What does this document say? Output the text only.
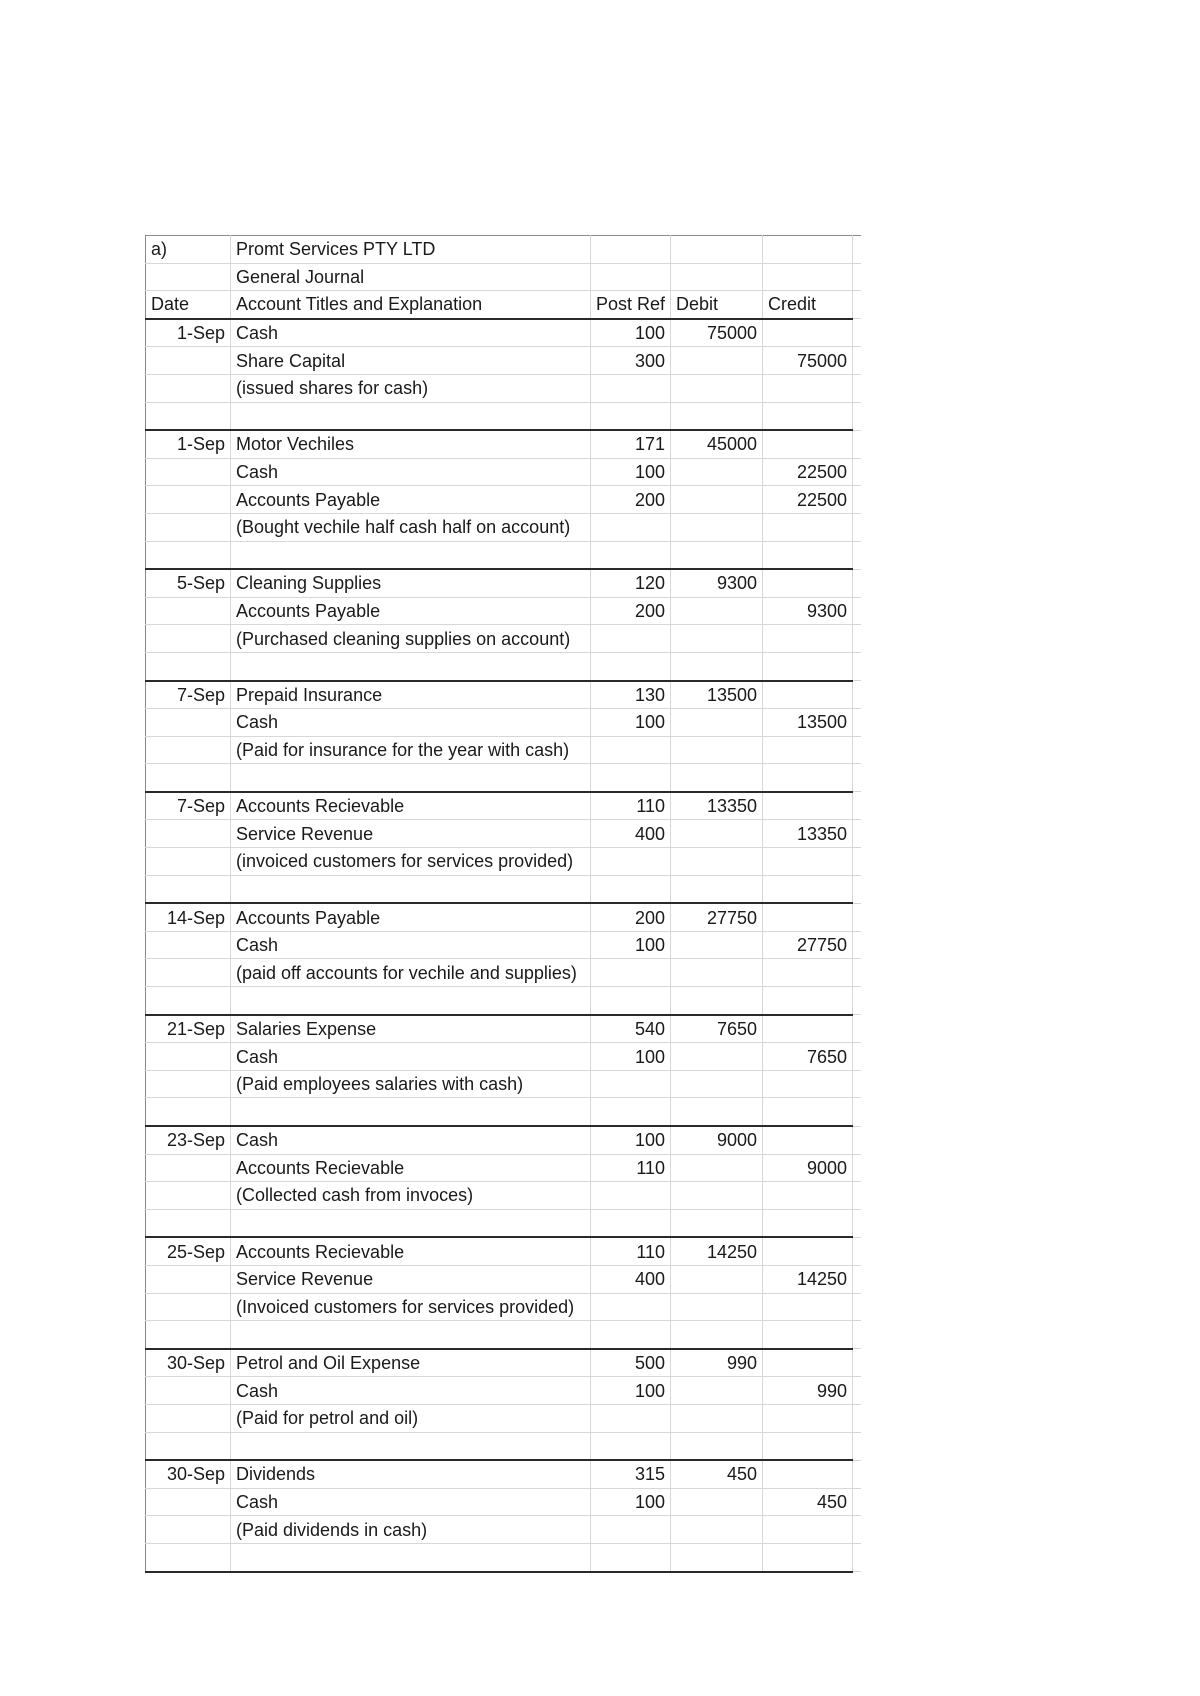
a)	Promt Services PTY LTD				
	General Journal				
Date	Account Titles and Explanation	Post Ref	Debit	Credit	
1-Sep	Cash	100	75000		
	Share Capital	300		75000	
	(issued shares for cash)				

1-Sep	Motor Vechiles	171	45000		
	Cash	100		22500	
	Accounts Payable	200		22500	
	(Bought vechile half cash half on account)				

5-Sep	Cleaning Supplies	120	9300		
	Accounts Payable	200		9300	
	(Purchased cleaning supplies on account)				

7-Sep	Prepaid Insurance	130	13500		
	Cash	100		13500	
	(Paid for insurance for the year with cash)				

7-Sep	Accounts Recievable	110	13350		
	Service Revenue	400		13350	
	(invoiced customers for services provided)				

14-Sep	Accounts Payable	200	27750		
	Cash	100		27750	
	(paid off accounts for vechile and supplies)				

21-Sep	Salaries Expense	540	7650		
	Cash	100		7650	
	(Paid employees salaries with cash)				

23-Sep	Cash	100	9000		
	Accounts Recievable	110		9000	
	(Collected cash from invoces)				

25-Sep	Accounts Recievable	110	14250		
	Service Revenue	400		14250	
	(Invoiced customers for services provided)				

30-Sep	Petrol and Oil Expense	500	990		
	Cash	100		990	
	(Paid for petrol and oil)				

30-Sep	Dividends	315	450		
	Cash	100		450	
	(Paid dividends in cash)				
